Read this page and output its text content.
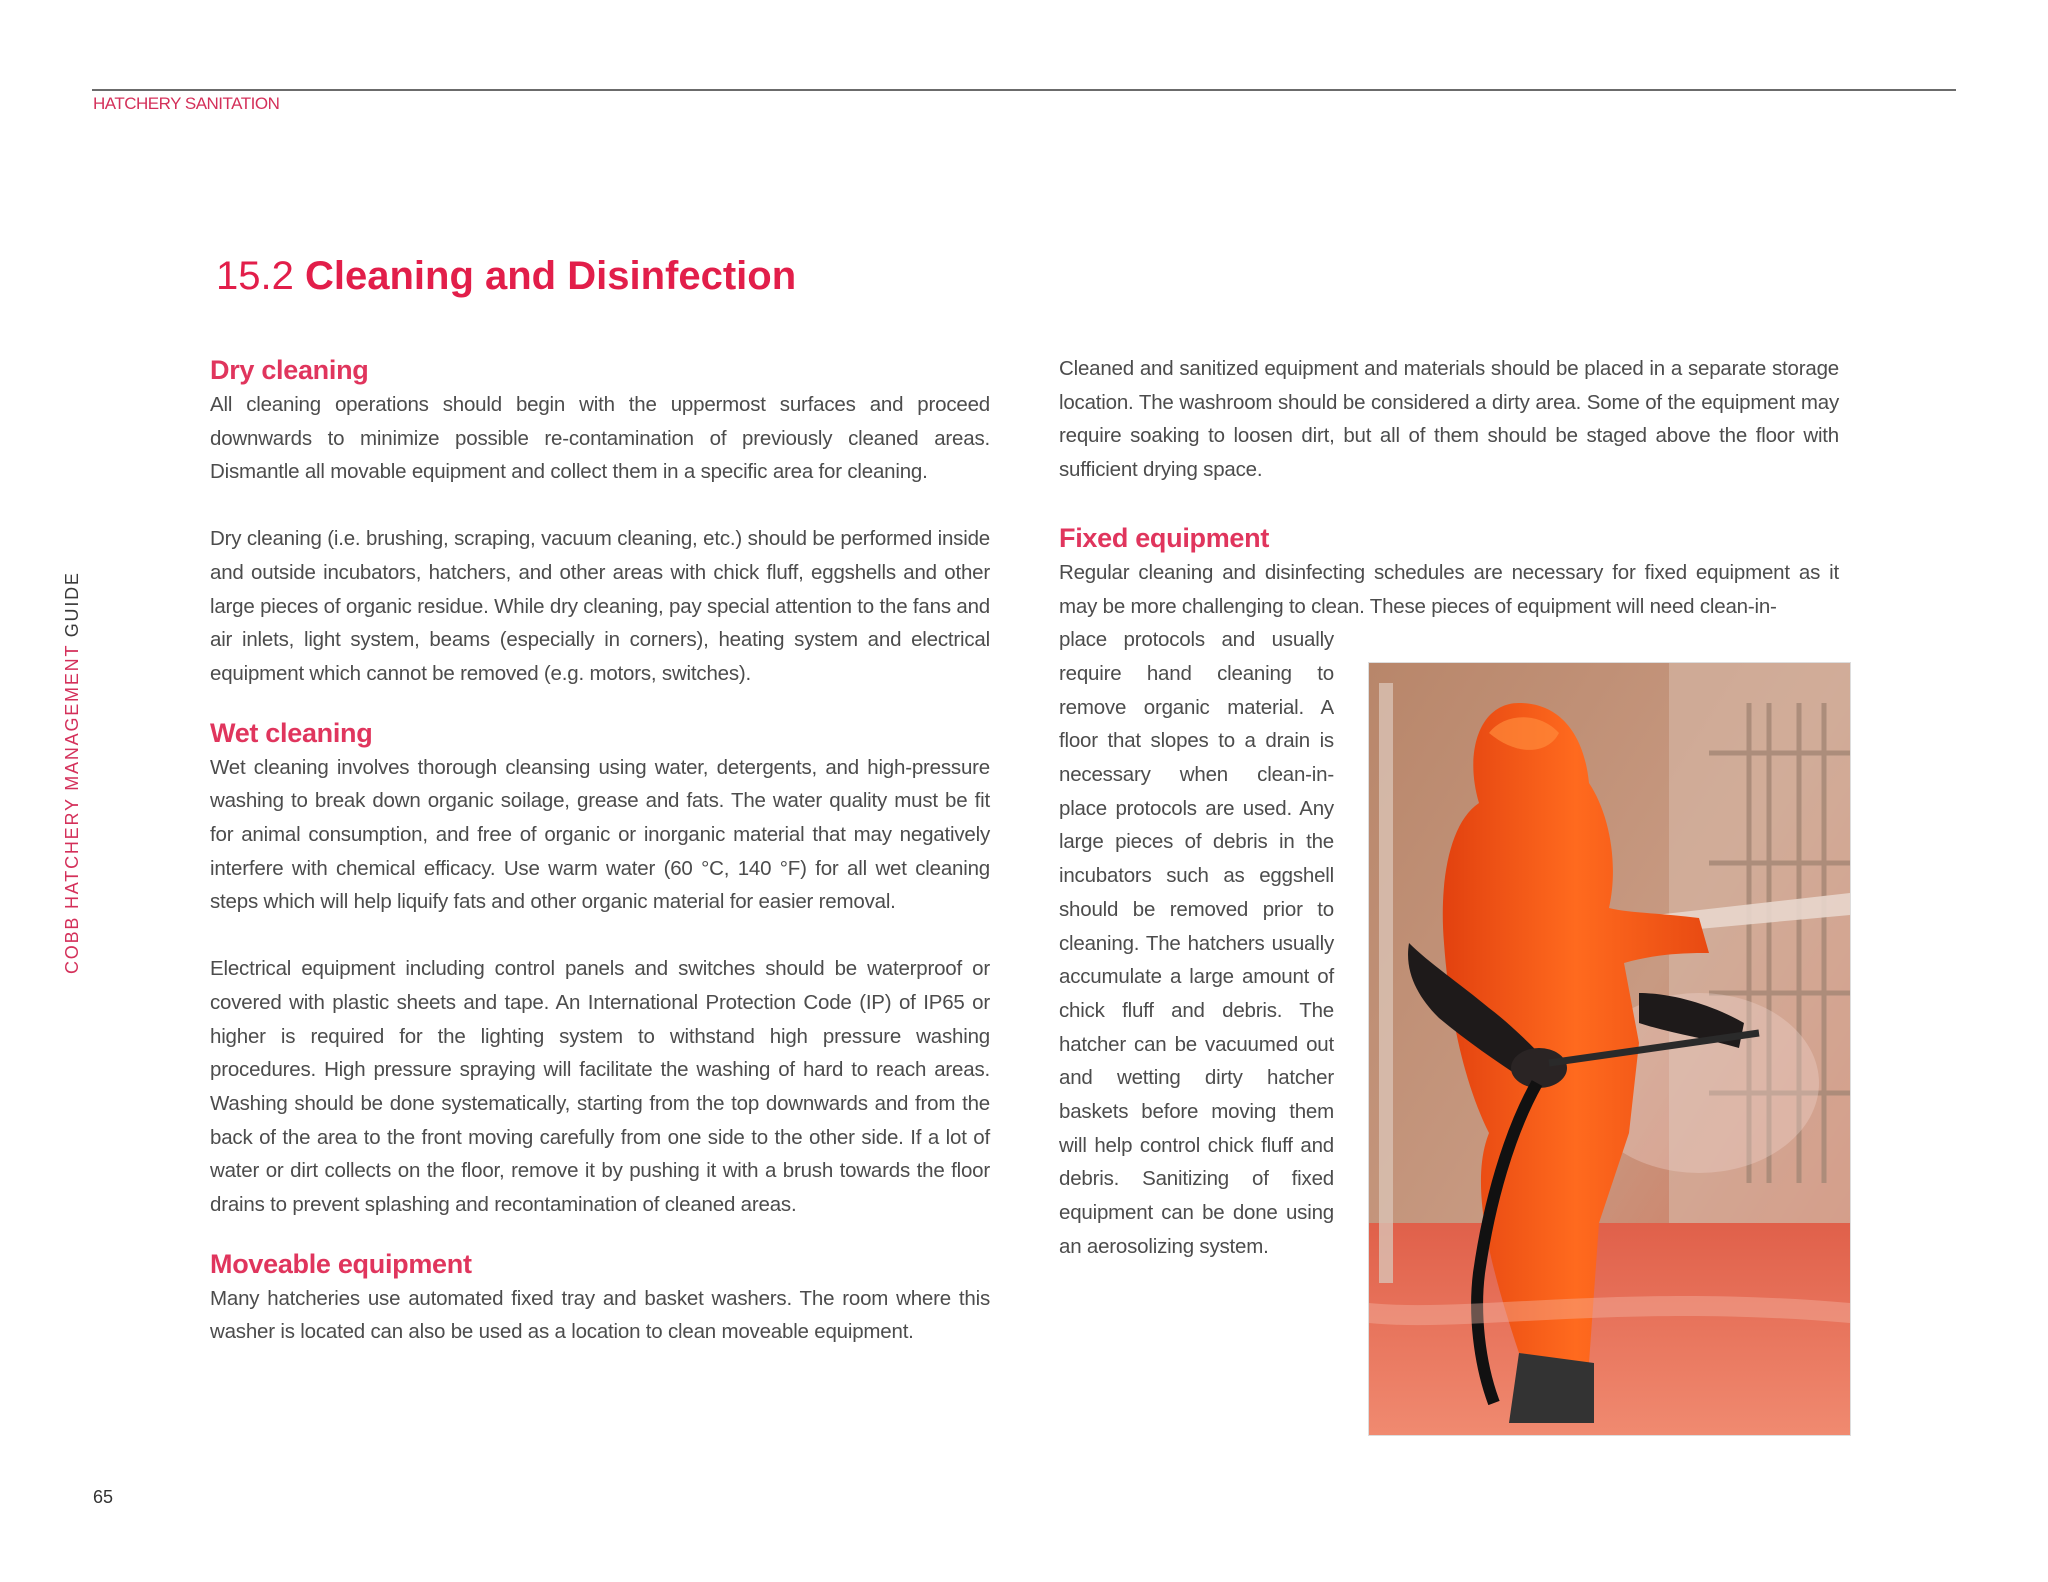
HATCHERY SANITATION
COBB HATCHERY MANAGEMENT GUIDE
65
15.2 Cleaning and Disinfection
Dry cleaning

All cleaning operations should begin with the uppermost surfaces and proceed downwards to minimize possible re-contamination of previously cleaned areas. Dismantle all movable equipment and collect them in a specific area for cleaning.

Dry cleaning (i.e. brushing, scraping, vacuum cleaning, etc.) should be performed inside and outside incubators, hatchers, and other areas with chick fluff, eggshells and other large pieces of organic residue. While dry cleaning, pay special attention to the fans and air inlets, light system, beams (especially in corners), heating system and electrical equipment which cannot be removed (e.g. motors, switches).

Wet cleaning

Wet cleaning involves thorough cleansing using water, detergents, and high-pressure washing to break down organic soilage, grease and fats. The water quality must be fit for animal consumption, and free of organic or inorganic material that may negatively interfere with chemical efficacy. Use warm water (60 °C, 140 °F) for all wet cleaning steps which will help liquify fats and other organic material for easier removal.

Electrical equipment including control panels and switches should be waterproof or covered with plastic sheets and tape. An International Protection Code (IP) of IP65 or higher is required for the lighting system to withstand high pressure washing procedures. High pressure spraying will facilitate the washing of hard to reach areas. Washing should be done systematically, starting from the top downwards and from the back of the area to the front moving carefully from one side to the other side. If a lot of water or dirt collects on the floor, remove it by pushing it with a brush towards the floor drains to prevent splashing and recontamination of cleaned areas.

Moveable equipment

Many hatcheries use automated fixed tray and basket washers. The room where this washer is located can also be used as a location to clean moveable equipment.

Cleaned and sanitized equipment and materials should be placed in a separate storage location. The washroom should be considered a dirty area. Some of the equipment may require soaking to loosen dirt, but all of them should be staged above the floor with sufficient drying space.

Fixed equipment

Regular cleaning and disinfecting schedules are necessary for fixed equipment as it may be more challenging to clean. These pieces of equipment will need clean-in-

place protocols and usually require hand cleaning to remove organic material. A floor that slopes to a drain is necessary when clean-in-place protocols are used. Any large pieces of debris in the incubators such as eggshell should be removed prior to cleaning. The hatchers usually accumulate a large amount of chick fluff and debris. The hatcher can be vacuumed out and wetting dirty hatcher baskets before moving them will help control chick fluff and debris. Sanitizing of fixed equipment can be done using an aerosolizing system.
